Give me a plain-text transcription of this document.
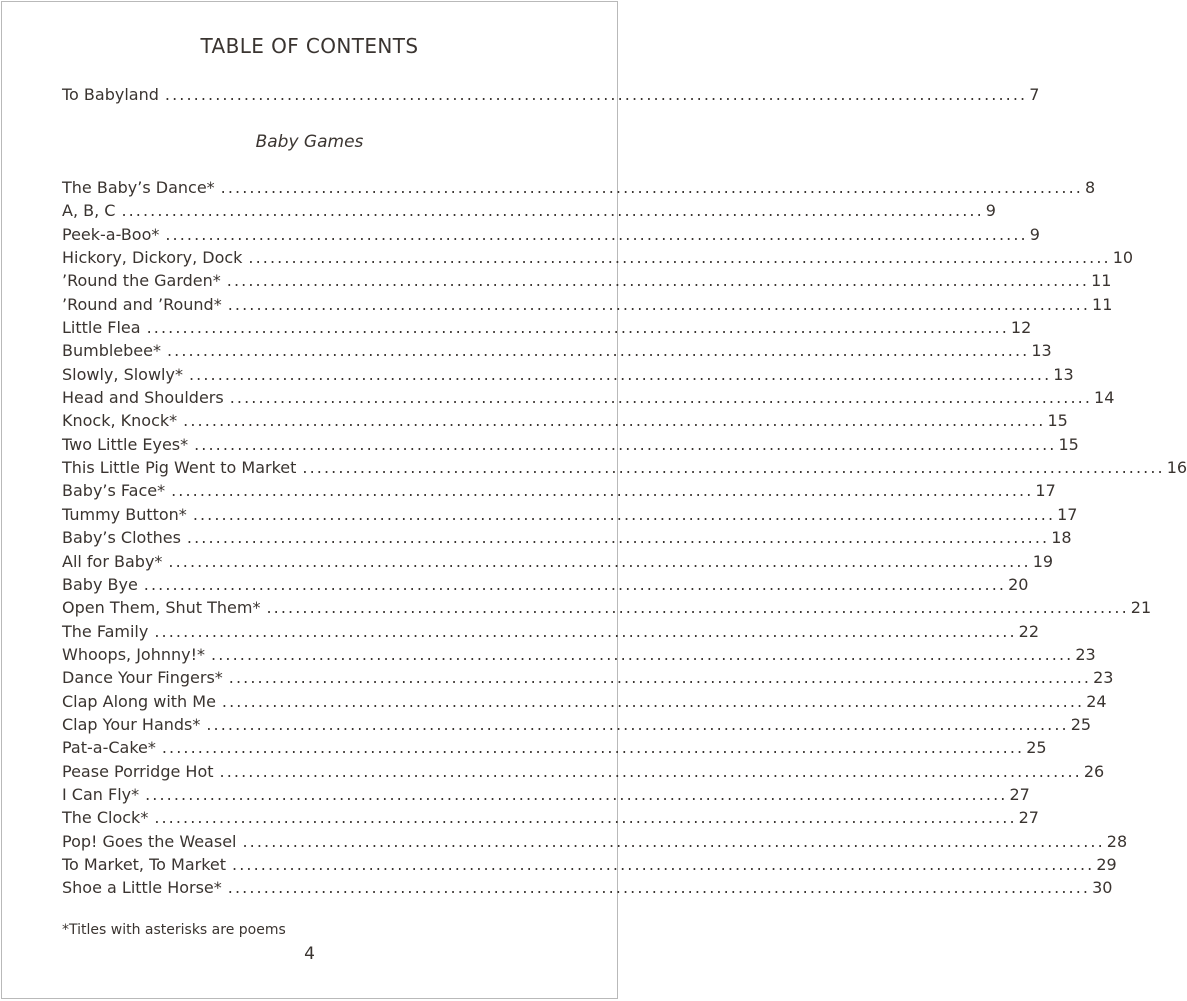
TABLE OF CONTENTS
To Babyland ........................................................................................................................ 7
Baby Games
The Baby’s Dance* ........................................................................................................................ 8
A, B, C ........................................................................................................................ 9
Peek-a-Boo* ........................................................................................................................ 9
Hickory, Dickory, Dock ........................................................................................................................ 10
’Round the Garden* ........................................................................................................................ 11
’Round and ’Round* ........................................................................................................................ 11
Little Flea ........................................................................................................................ 12
Bumblebee* ........................................................................................................................ 13
Slowly, Slowly* ........................................................................................................................ 13
Head and Shoulders ........................................................................................................................ 14
Knock, Knock* ........................................................................................................................ 15
Two Little Eyes* ........................................................................................................................ 15
This Little Pig Went to Market ........................................................................................................................ 16
Baby’s Face* ........................................................................................................................ 17
Tummy Button* ........................................................................................................................ 17
Baby’s Clothes ........................................................................................................................ 18
All for Baby* ........................................................................................................................ 19
Baby Bye ........................................................................................................................ 20
Open Them, Shut Them* ........................................................................................................................ 21
The Family ........................................................................................................................ 22
Whoops, Johnny!* ........................................................................................................................ 23
Dance Your Fingers* ........................................................................................................................ 23
Clap Along with Me ........................................................................................................................ 24
Clap Your Hands* ........................................................................................................................ 25
Pat-a-Cake* ........................................................................................................................ 25
Pease Porridge Hot ........................................................................................................................ 26
I Can Fly* ........................................................................................................................ 27
The Clock* ........................................................................................................................ 27
Pop! Goes the Weasel ........................................................................................................................ 28
To Market, To Market ........................................................................................................................ 29
Shoe a Little Horse* ........................................................................................................................ 30
*Titles with asterisks are poems
4
